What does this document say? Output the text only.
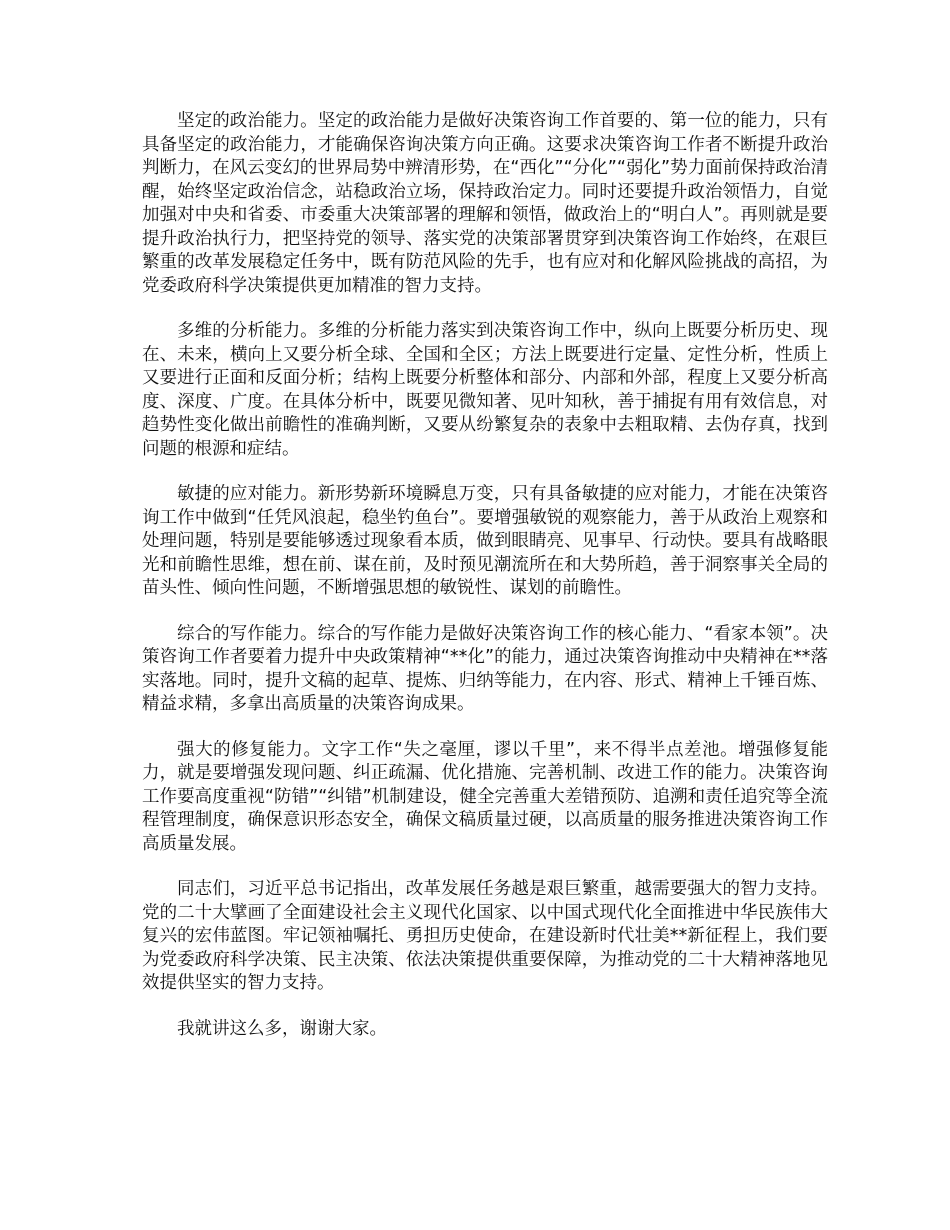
坚定的政治能力。坚定的政治能力是做好决策咨询工作首要的、第一位的能力，只有具备坚定的政治能力，才能确保咨询决策方向正确。这要求决策咨询工作者不断提升政治判断力，在风云变幻的世界局势中辨清形势，在“西化”“分化”“弱化”势力面前保持政治清醒，始终坚定政治信念，站稳政治立场，保持政治定力。同时还要提升政治领悟力，自觉加强对中央和省委、市委重大决策部署的理解和领悟，做政治上的“明白人”。再则就是要提升政治执行力，把坚持党的领导、落实党的决策部署贯穿到决策咨询工作始终，在艰巨繁重的改革发展稳定任务中，既有防范风险的先手，也有应对和化解风险挑战的高招，为党委政府科学决策提供更加精准的智力支持。

多维的分析能力。多维的分析能力落实到决策咨询工作中，纵向上既要分析历史、现在、未来，横向上又要分析全球、全国和全区；方法上既要进行定量、定性分析，性质上又要进行正面和反面分析；结构上既要分析整体和部分、内部和外部，程度上又要分析高度、深度、广度。在具体分析中，既要见微知著、见叶知秋，善于捕捉有用有效信息，对趋势性变化做出前瞻性的准确判断，又要从纷繁复杂的表象中去粗取精、去伪存真，找到问题的根源和症结。

敏捷的应对能力。新形势新环境瞬息万变，只有具备敏捷的应对能力，才能在决策咨询工作中做到“任凭风浪起，稳坐钓鱼台”。要增强敏锐的观察能力，善于从政治上观察和处理问题，特别是要能够透过现象看本质，做到眼睛亮、见事早、行动快。要具有战略眼光和前瞻性思维，想在前、谋在前，及时预见潮流所在和大势所趋，善于洞察事关全局的苗头性、倾向性问题，不断增强思想的敏锐性、谋划的前瞻性。

综合的写作能力。综合的写作能力是做好决策咨询工作的核心能力、“看家本领”。决策咨询工作者要着力提升中央政策精神“**化”的能力，通过决策咨询推动中央精神在**落实落地。同时，提升文稿的起草、提炼、归纳等能力，在内容、形式、精神上千锤百炼、精益求精，多拿出高质量的决策咨询成果。

强大的修复能力。文字工作“失之毫厘，谬以千里”，来不得半点差池。增强修复能力，就是要增强发现问题、纠正疏漏、优化措施、完善机制、改进工作的能力。决策咨询工作要高度重视“防错”“纠错”机制建设，健全完善重大差错预防、追溯和责任追究等全流程管理制度，确保意识形态安全，确保文稿质量过硬，以高质量的服务推进决策咨询工作高质量发展。

同志们，习近平总书记指出，改革发展任务越是艰巨繁重，越需要强大的智力支持。党的二十大擘画了全面建设社会主义现代化国家、以中国式现代化全面推进中华民族伟大复兴的宏伟蓝图。牢记领袖嘱托、勇担历史使命，在建设新时代壮美**新征程上，我们要为党委政府科学决策、民主决策、依法决策提供重要保障，为推动党的二十大精神落地见效提供坚实的智力支持。

我就讲这么多，谢谢大家。
